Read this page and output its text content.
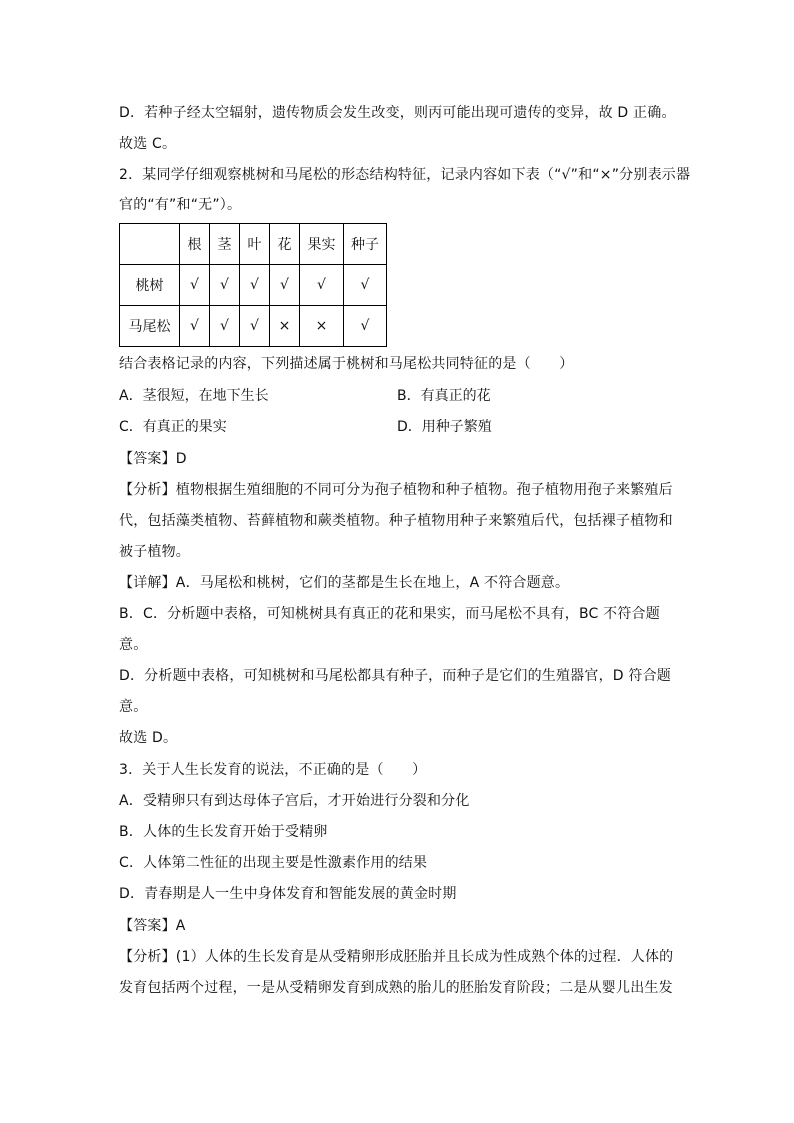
D．若种子经太空辐射，遗传物质会发生改变，则丙可能出现可遗传的变异，故 D 正确。
故选 C。
2．某同学仔细观察桃树和马尾松的形态结构特征，记录内容如下表（“√”和“×”分别表示器
官的“有”和“无”）。
	根	茎	叶	花	果实	种子
桃树	√	√	√	√	√	√
马尾松	√	√	√	×	×	√
结合表格记录的内容，下列描述属于桃树和马尾松共同特征的是（　　）
A．茎很短，在地下生长	B．有真正的花
C．有真正的果实	D．用种子繁殖
【答案】D
【分析】植物根据生殖细胞的不同可分为孢子植物和种子植物。孢子植物用孢子来繁殖后
代，包括藻类植物、苔藓植物和蕨类植物。种子植物用种子来繁殖后代，包括裸子植物和
被子植物。
【详解】A．马尾松和桃树，它们的茎都是生长在地上，A 不符合题意。
B．C．分析题中表格，可知桃树具有真正的花和果实，而马尾松不具有，BC 不符合题
意。
D．分析题中表格，可知桃树和马尾松都具有种子，而种子是它们的生殖器官，D 符合题
意。
故选 D。
3．关于人生长发育的说法，不正确的是（　　）
A．受精卵只有到达母体子宫后，才开始进行分裂和分化
B．人体的生长发育开始于受精卵
C．人体第二性征的出现主要是性激素作用的结果
D．青春期是人一生中身体发育和智能发展的黄金时期
【答案】A
【分析】(1）人体的生长发育是从受精卵形成胚胎并且长成为性成熟个体的过程．人体的
发育包括两个过程，一是从受精卵发育到成熟的胎儿的胚胎发育阶段；二是从婴儿出生发
